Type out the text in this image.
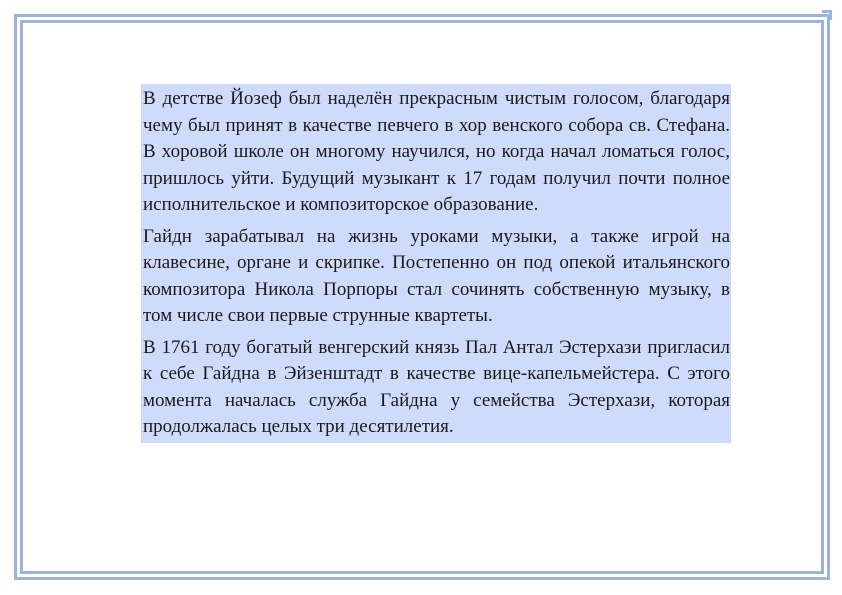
В детстве Йозеф был наделён прекрасным чистым голосом, благодаря чему был принят в качестве певчего в хор венского собора св. Стефана. В хоровой школе он многому научился, но когда начал ломаться голос, пришлось уйти. Будущий музыкант к 17 годам получил почти полное исполнительское и композиторское образование.

Гайдн зарабатывал на жизнь уроками музыки, а также игрой на клавесине, органе и скрипке. Постепенно он под опекой итальянского композитора Никола Порпоры стал сочинять собственную музыку, в том числе свои первые струнные квартеты.

В 1761 году богатый венгерский князь Пал Антал Эстерхази пригласил к себе Гайдна в Эйзенштадт в качестве вице-капельмейстера. С этого момента началась служба Гайдна у семейства Эстерхази, которая продолжалась целых три десятилетия.
